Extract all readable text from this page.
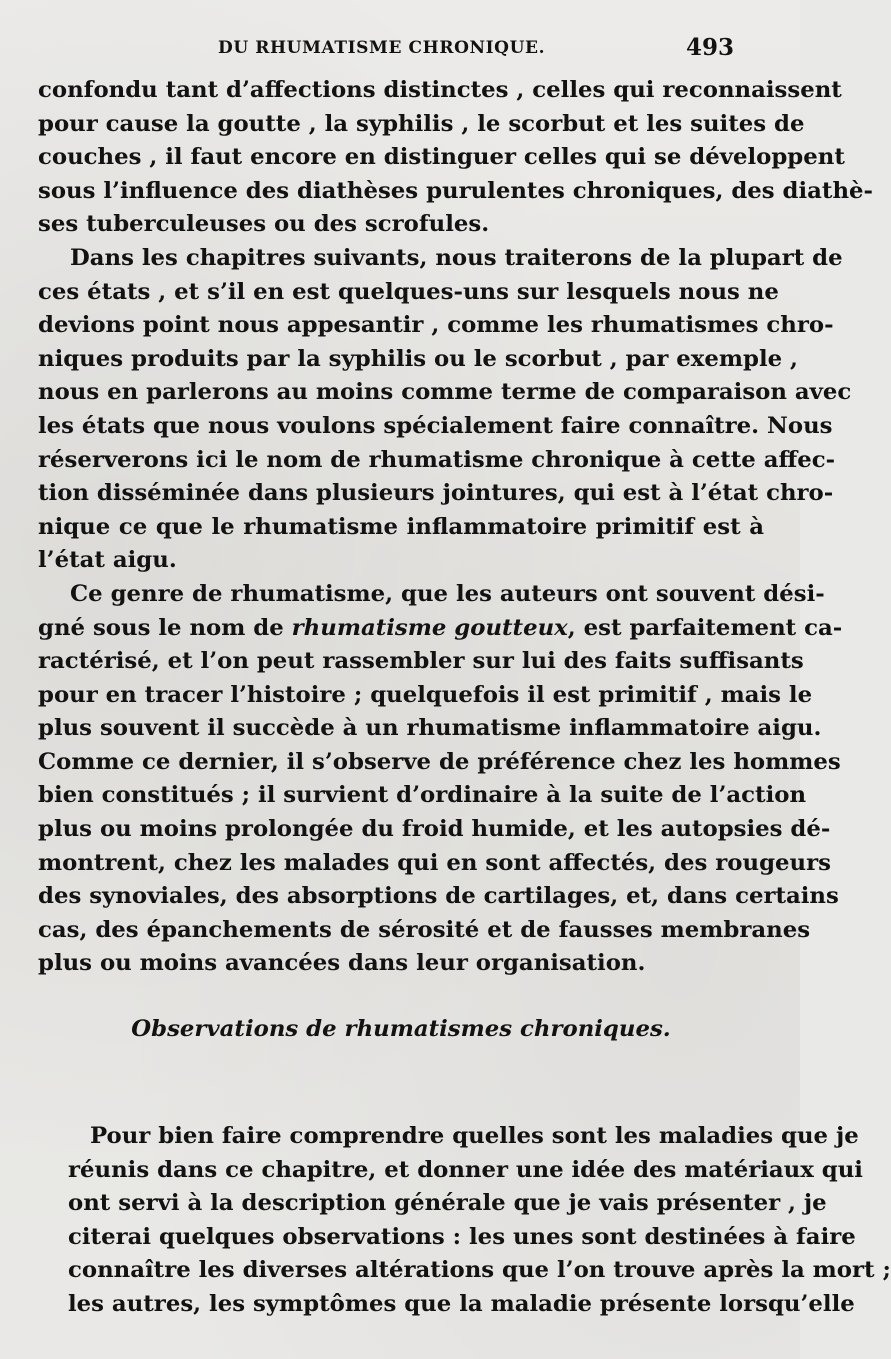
DU RHUMATISME CHRONIQUE.	493
confondu tant d’affections distinctes , celles qui reconnaissent
pour cause la goutte , la syphilis , le scorbut et les suites de
couches , il faut encore en distinguer celles qui se développent
sous l’influence des diathèses purulentes chroniques, des diathè-
ses tuberculeuses ou des scrofules.
Dans les chapitres suivants, nous traiterons de la plupart de
ces états , et s’il en est quelques-uns sur lesquels nous ne
devions point nous appesantir , comme les rhumatismes chro-
niques produits par la syphilis ou le scorbut , par exemple ,
nous en parlerons au moins comme terme de comparaison avec
les états que nous voulons spécialement faire connaître. Nous
réserverons ici le nom de rhumatisme chronique à cette affec-
tion disséminée dans plusieurs jointures, qui est à l’état chro-
nique ce que le rhumatisme inflammatoire primitif est à
l’état aigu.
Ce genre de rhumatisme, que les auteurs ont souvent dési-
gné sous le nom de rhumatisme goutteux, est parfaitement ca-
ractérisé, et l’on peut rassembler sur lui des faits suffisants
pour en tracer l’histoire ; quelquefois il est primitif , mais le
plus souvent il succède à un rhumatisme inflammatoire aigu.
Comme ce dernier, il s’observe de préférence chez les hommes
bien constitués ; il survient d’ordinaire à la suite de l’action
plus ou moins prolongée du froid humide, et les autopsies dé-
montrent, chez les malades qui en sont affectés, des rougeurs
des synoviales, des absorptions de cartilages, et, dans certains
cas, des épanchements de sérosité et de fausses membranes
plus ou moins avancées dans leur organisation.
Observations de rhumatismes chroniques.
Pour bien faire comprendre quelles sont les maladies que je
réunis dans ce chapitre, et donner une idée des matériaux qui
ont servi à la description générale que je vais présenter , je
citerai quelques observations : les unes sont destinées à faire
connaître les diverses altérations que l’on trouve après la mort ;
les autres, les symptômes que la maladie présente lorsqu’elle
